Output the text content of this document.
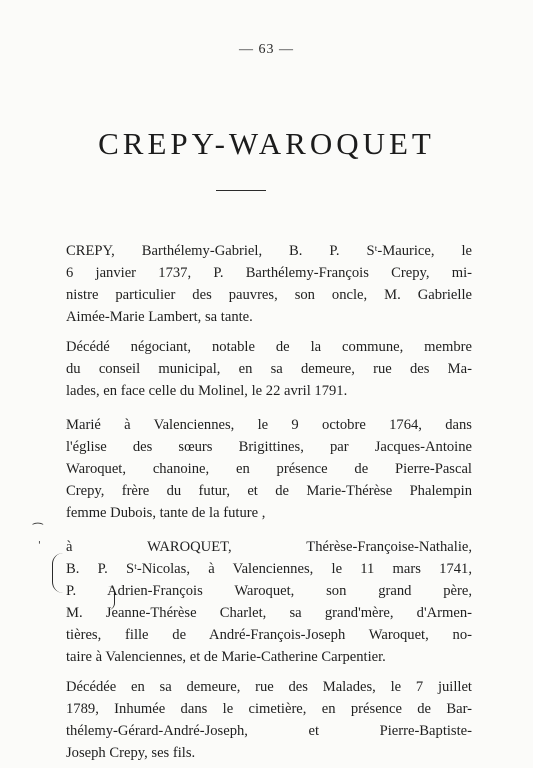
— 63 —
CREPY-WAROQUET
⁀
'

CREPY, Barthélemy-Gabriel, B. P. Sᵗ-Maurice, le
6 janvier 1737, P. Barthélemy-François Crepy, mi-
nistre particulier des pauvres, son oncle, M. Gabrielle
Aimée-Marie Lambert, sa tante.

Décédé négociant, notable de la commune, membre
du conseil municipal, en sa demeure, rue des Ma-
lades, en face celle du Molinel, le 22 avril 1791.

Marié à Valenciennes, le 9 octobre 1764, dans
l'église des sœurs Brigittines, par Jacques-Antoine
Waroquet, chanoine, en présence de Pierre-Pascal
Crepy, frère du futur, et de Marie-Thérèse Phalempin
femme Dubois, tante de la future ,

à WAROQUET, Thérèse-Françoise-Nathalie,
B. P. Sᵗ-Nicolas, à Valenciennes, le 11 mars 1741,
P. Adrien-François Waroquet, son grand père,
M. Jeanne-Thérèse Charlet, sa grand'mère, d'Armen-
tières, fille de André-François-Joseph Waroquet, no-
taire à Valenciennes, et de Marie-Catherine Carpentier.

Décédée en sa demeure, rue des Malades, le 7 juillet
1789, Inhumée dans le cimetière, en présence de Bar-
thélemy-Gérard-André-Joseph, et Pierre-Baptiste-
Joseph Crepy, ses fils.
